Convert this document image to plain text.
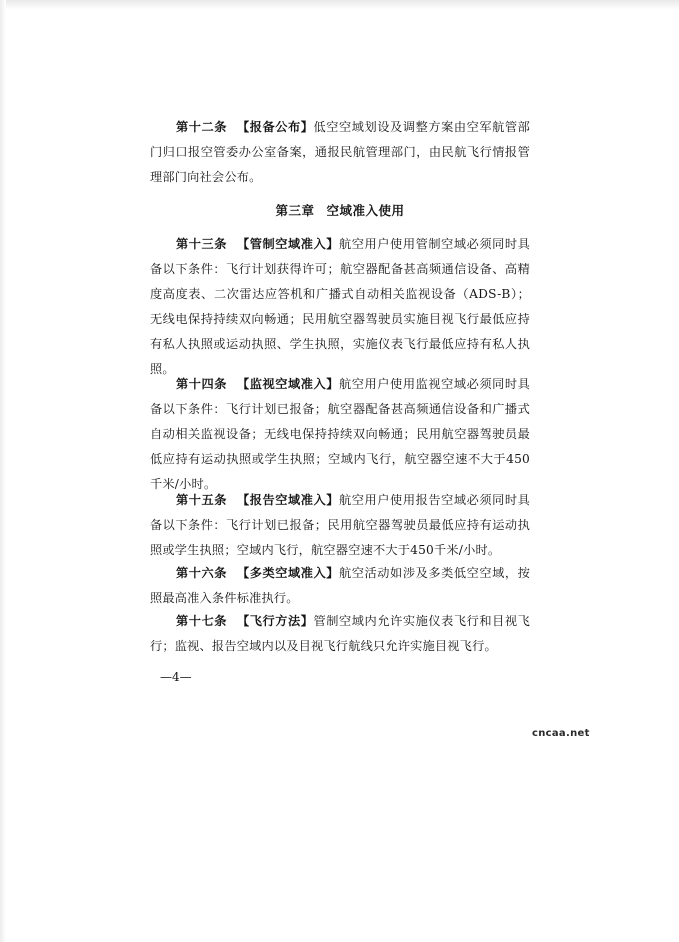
第十二条 【报备公布】低空空域划设及调整方案由空军航管部门归口报空管委办公室备案，通报民航管理部门，由民航飞行情报管理部门向社会公布。

第三章 空域准入使用

第十三条 【管制空域准入】航空用户使用管制空域必须同时具备以下条件：飞行计划获得许可；航空器配备甚高频通信设备、高精度高度表、二次雷达应答机和广播式自动相关监视设备（ADS-B）；无线电保持持续双向畅通；民用航空器驾驶员实施目视飞行最低应持有私人执照或运动执照、学生执照，实施仪表飞行最低应持有私人执照。

第十四条 【监视空域准入】航空用户使用监视空域必须同时具备以下条件：飞行计划已报备；航空器配备甚高频通信设备和广播式自动相关监视设备；无线电保持持续双向畅通；民用航空器驾驶员最低应持有运动执照或学生执照；空域内飞行，航空器空速不大于450千米/小时。

第十五条 【报告空域准入】航空用户使用报告空域必须同时具备以下条件：飞行计划已报备；民用航空器驾驶员最低应持有运动执照或学生执照；空域内飞行，航空器空速不大于450千米/小时。

第十六条 【多类空域准入】航空活动如涉及多类低空空域，按照最高准入条件标准执行。

第十七条 【飞行方法】管制空域内允许实施仪表飞行和目视飞行；监视、报告空域内以及目视飞行航线只允许实施目视飞行。

—4—
cncaa.net
